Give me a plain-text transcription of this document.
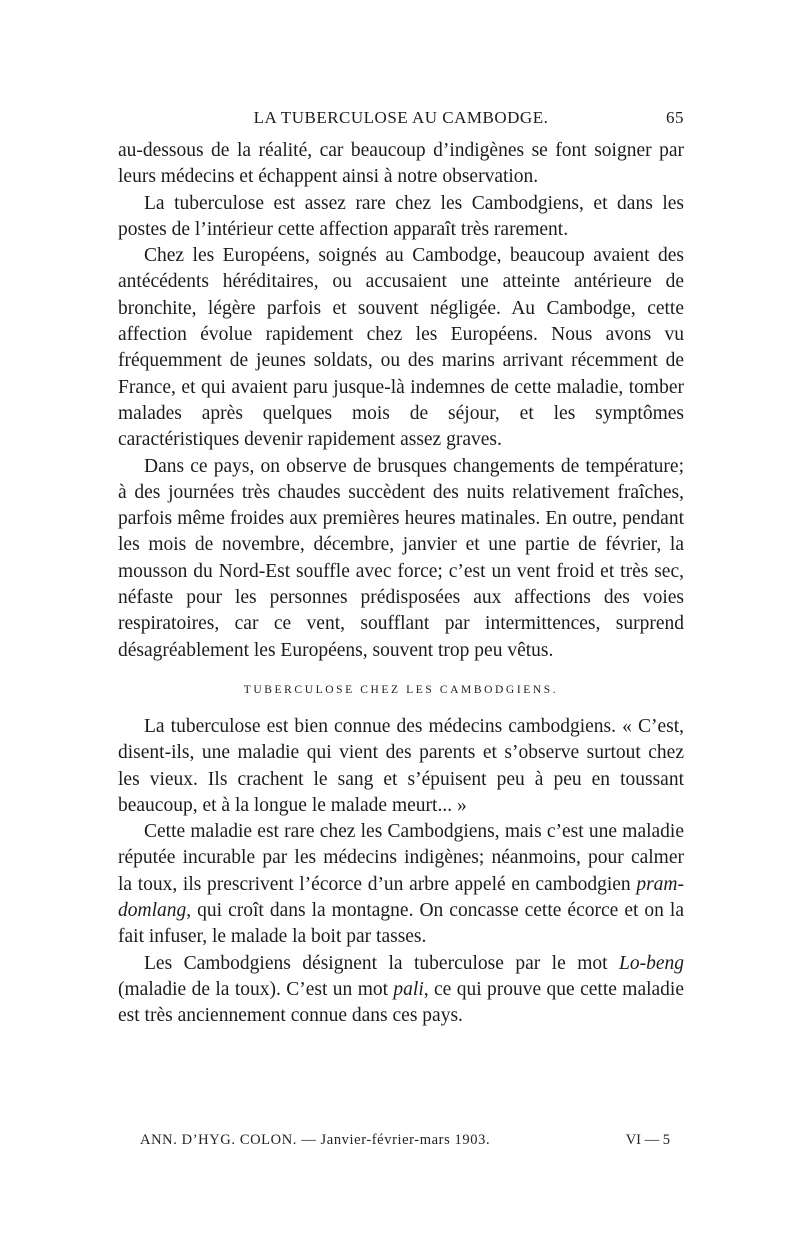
LA TUBERCULOSE AU CAMBODGE.	65

au-dessous de la réalité, car beaucoup d’indigènes se font soigner par leurs médecins et échappent ainsi à notre observation.

La tuberculose est assez rare chez les Cambodgiens, et dans les postes de l’intérieur cette affection apparaît très rarement.

Chez les Européens, soignés au Cambodge, beaucoup avaient des antécédents héréditaires, ou accusaient une atteinte antérieure de bronchite, légère parfois et souvent négligée. Au Cambodge, cette affection évolue rapidement chez les Européens. Nous avons vu fréquemment de jeunes soldats, ou des marins arrivant récemment de France, et qui avaient paru jusque-là indemnes de cette maladie, tomber malades après quelques mois de séjour, et les symptômes caractéristiques devenir rapidement assez graves.

Dans ce pays, on observe de brusques changements de température; à des journées très chaudes succèdent des nuits relativement fraîches, parfois même froides aux premières heures matinales. En outre, pendant les mois de novembre, décembre, janvier et une partie de février, la mousson du Nord-Est souffle avec force; c’est un vent froid et très sec, néfaste pour les personnes prédisposées aux affections des voies respiratoires, car ce vent, soufflant par intermittences, surprend désagréablement les Européens, souvent trop peu vêtus.

TUBERCULOSE CHEZ LES CAMBODGIENS.

La tuberculose est bien connue des médecins cambodgiens. « C’est, disent-ils, une maladie qui vient des parents et s’observe surtout chez les vieux. Ils crachent le sang et s’épuisent peu à peu en toussant beaucoup, et à la longue le malade meurt... »

Cette maladie est rare chez les Cambodgiens, mais c’est une maladie réputée incurable par les médecins indigènes; néanmoins, pour calmer la toux, ils prescrivent l’écorce d’un arbre appelé en cambodgien pram-domlang, qui croît dans la montagne. On concasse cette écorce et on la fait infuser, le malade la boit par tasses.

Les Cambodgiens désignent la tuberculose par le mot Lo-beng (maladie de la toux). C’est un mot pali, ce qui prouve que cette maladie est très anciennement connue dans ces pays.

ANN. D’HYG. COLON. — Janvier-février-mars 1903.	VI — 5
